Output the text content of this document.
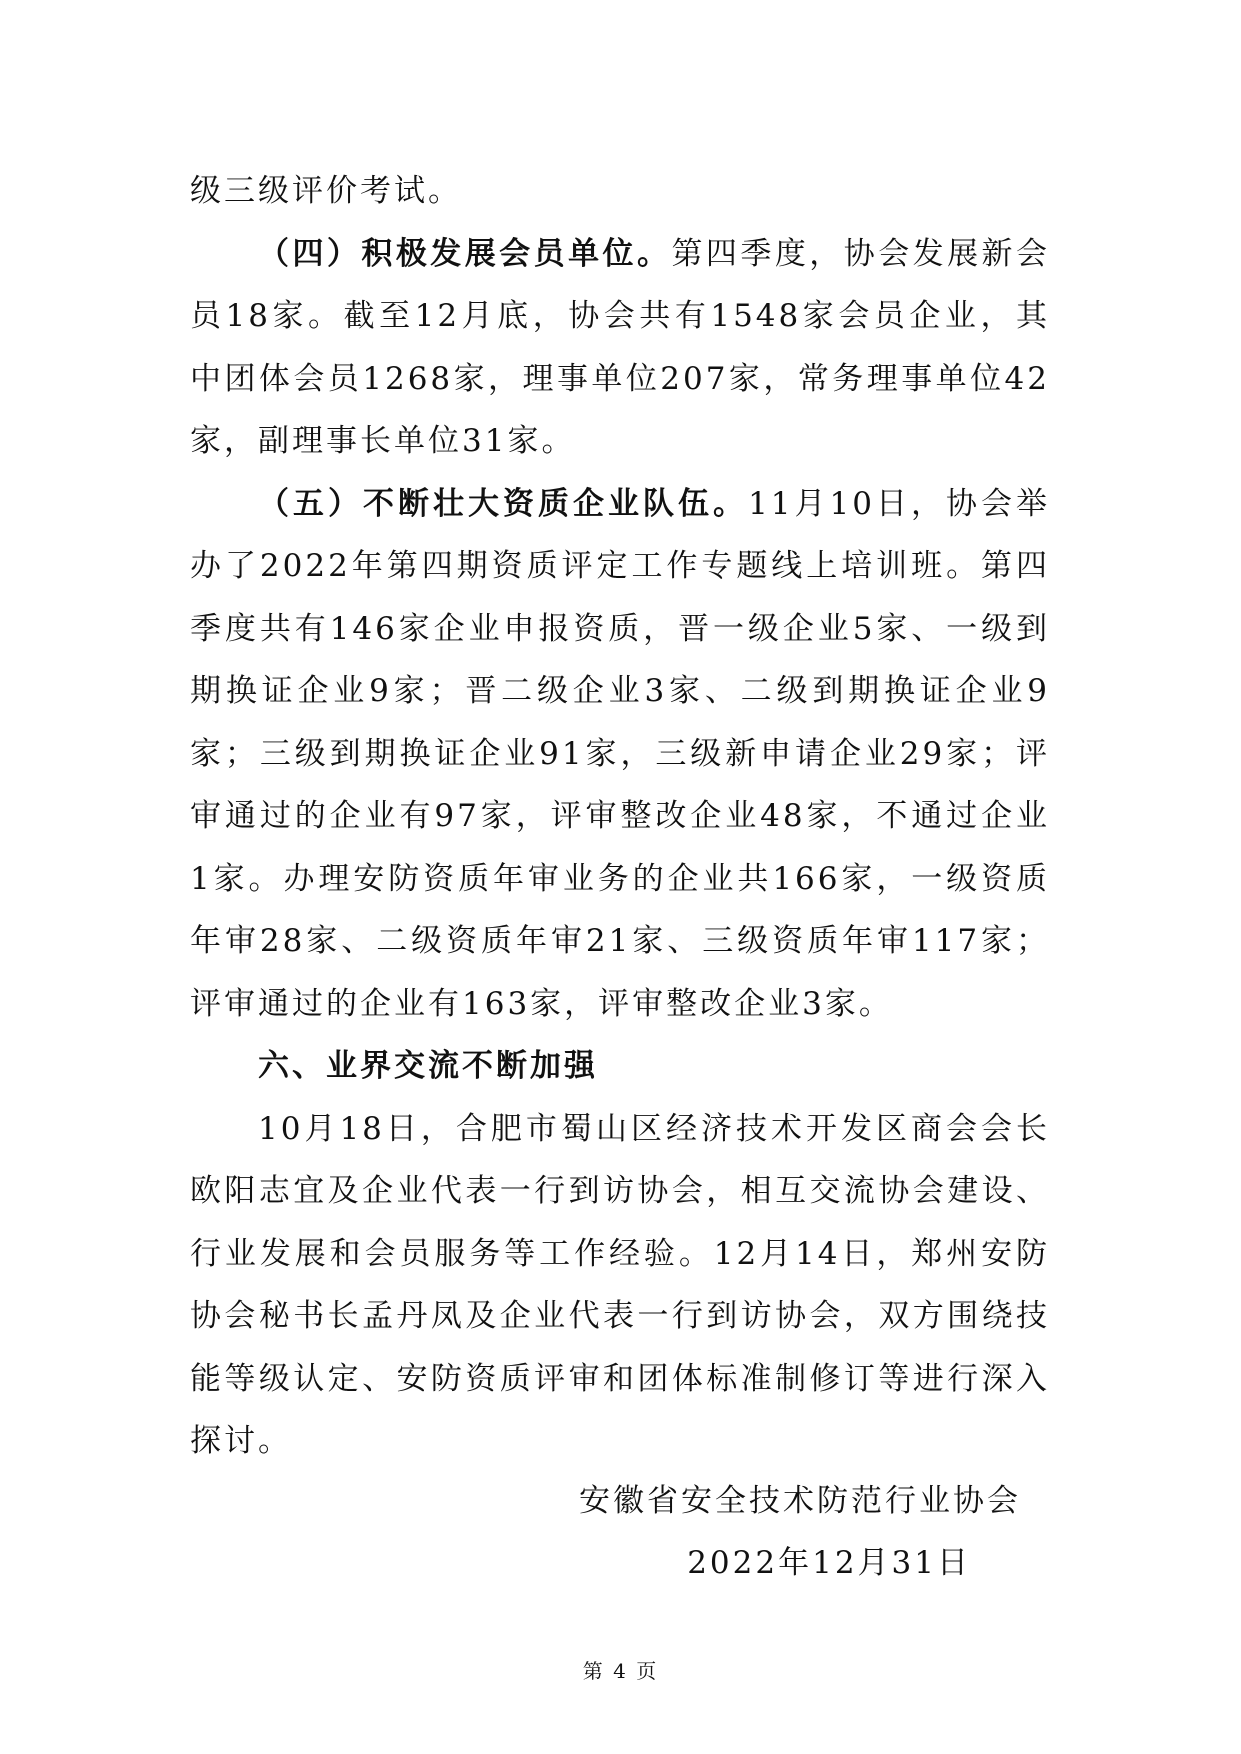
级三级评价考试。

（四）积极发展会员单位。第四季度，协会发展新会员18家。截至12月底，协会共有1548家会员企业，其中团体会员1268家，理事单位207家，常务理事单位42家，副理事长单位31家。

（五）不断壮大资质企业队伍。11月10日，协会举办了2022年第四期资质评定工作专题线上培训班。第四季度共有146家企业申报资质，晋一级企业5家、一级到期换证企业9家；晋二级企业3家、二级到期换证企业9家；三级到期换证企业91家，三级新申请企业29家；评审通过的企业有97家，评审整改企业48家，不通过企业1家。办理安防资质年审业务的企业共166家，一级资质年审28家、二级资质年审21家、三级资质年审117家；评审通过的企业有163家，评审整改企业3家。

六、业界交流不断加强

10月18日，合肥市蜀山区经济技术开发区商会会长欧阳志宜及企业代表一行到访协会，相互交流协会建设、行业发展和会员服务等工作经验。12月14日，郑州安防协会秘书长孟丹凤及企业代表一行到访协会，双方围绕技能等级认定、安防资质评审和团体标准制修订等进行深入探讨。

安徽省安全技术防范行业协会
2022年12月31日
第 4 页
